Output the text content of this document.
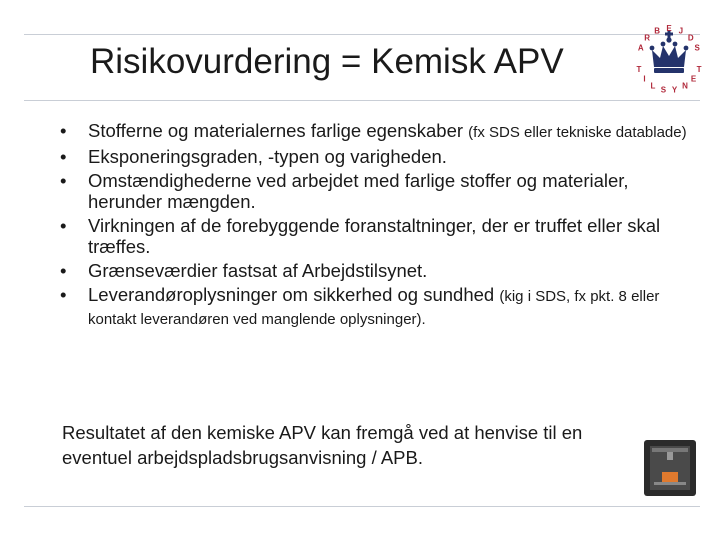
Risikovurdering = Kemisk APV	A
R
B E J
D
S
T
I
L S Y N
E
T
• Stofferne og materialernes farlige egenskaber (fx SDS eller tekniske datablade)
• Eksponeringsgraden, -typen og varigheden.
• Omstændighederne ved arbejdet med farlige stoffer og materialer, herunder mængden.
• Virkningen af de forebyggende foranstaltninger, der er truffet eller skal træffes.
• Grænseværdier fastsat af Arbejdstilsynet.
• Leverandøroplysninger om sikkerhed og sundhed (kig i SDS, fx pkt. 8 eller kontakt leverandøren ved manglende oplysninger).

Resultatet af den kemiske APV kan fremgå ved at henvise til en eventuel arbejdspladsbrugsanvisning / APB.
